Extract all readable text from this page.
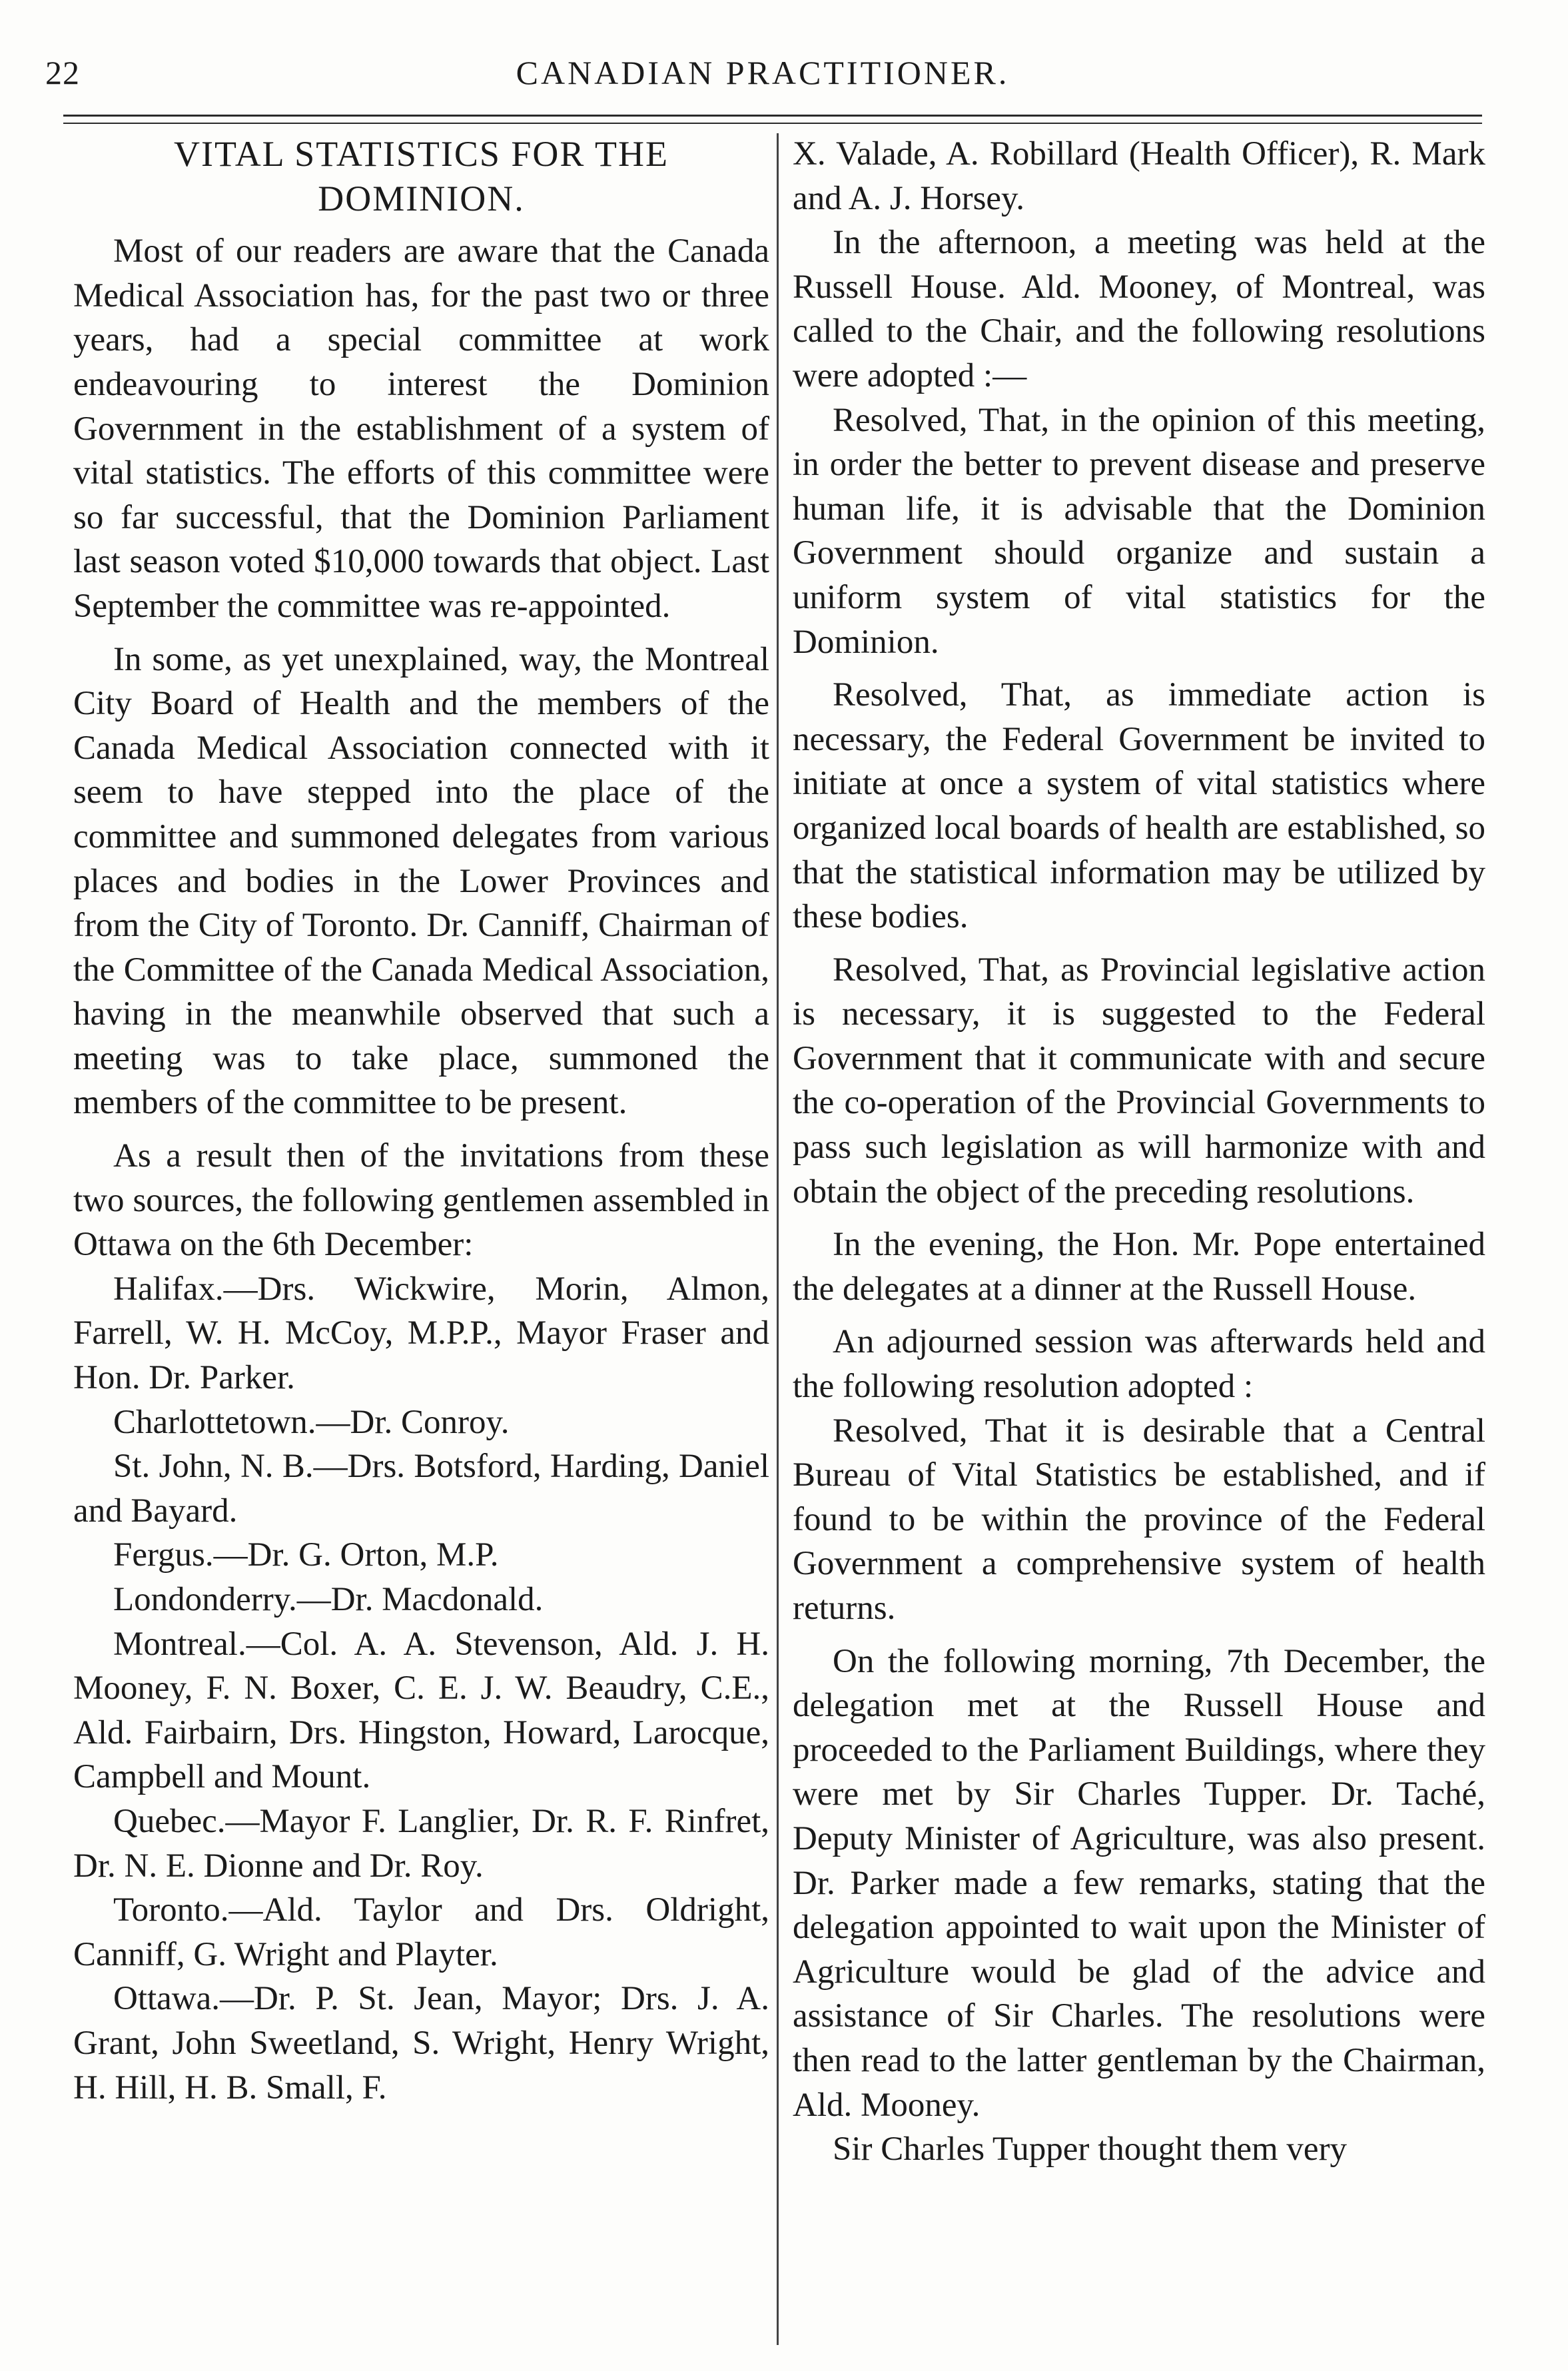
22	CANADIAN PRACTITIONER.
VITAL STATISTICS FOR THE DOMINION.

Most of our readers are aware that the Canada Medical Association has, for the past two or three years, had a special committee at work endeavouring to interest the Dominion Government in the establishment of a system of vital statistics. The efforts of this committee were so far successful, that the Dominion Parliament last season voted $10,000 towards that object. Last September the committee was re-appointed.

In some, as yet unexplained, way, the Montreal City Board of Health and the members of the Canada Medical Association connected with it seem to have stepped into the place of the committee and summoned delegates from various places and bodies in the Lower Provinces and from the City of Toronto. Dr. Canniff, Chairman of the Committee of the Canada Medical Association, having in the meanwhile observed that such a meeting was to take place, summoned the members of the committee to be present.

As a result then of the invitations from these two sources, the following gentlemen assembled in Ottawa on the 6th December:

Halifax.—Drs. Wickwire, Morin, Almon, Farrell, W. H. McCoy, M.P.P., Mayor Fraser and Hon. Dr. Parker.

Charlottetown.—Dr. Conroy.

St. John, N. B.—Drs. Botsford, Harding, Daniel and Bayard.

Fergus.—Dr. G. Orton, M.P.

Londonderry.—Dr. Macdonald.

Montreal.—Col. A. A. Stevenson, Ald. J. H. Mooney, F. N. Boxer, C. E. J. W. Beaudry, C.E., Ald. Fairbairn, Drs. Hingston, Howard, Larocque, Campbell and Mount.

Quebec.—Mayor F. Langlier, Dr. R. F. Rinfret, Dr. N. E. Dionne and Dr. Roy.

Toronto.—Ald. Taylor and Drs. Oldright, Canniff, G. Wright and Playter.

Ottawa.—Dr. P. St. Jean, Mayor; Drs. J. A. Grant, John Sweetland, S. Wright, Henry Wright, H. Hill, H. B. Small, F.

X. Valade, A. Robillard (Health Officer), R. Mark and A. J. Horsey.

In the afternoon, a meeting was held at the Russell House. Ald. Mooney, of Montreal, was called to the Chair, and the following resolutions were adopted :—

Resolved, That, in the opinion of this meeting, in order the better to prevent disease and preserve human life, it is advisable that the Dominion Government should organize and sustain a uniform system of vital statistics for the Dominion.

Resolved, That, as immediate action is necessary, the Federal Government be invited to initiate at once a system of vital statistics where organized local boards of health are established, so that the statistical information may be utilized by these bodies.

Resolved, That, as Provincial legislative action is necessary, it is suggested to the Federal Government that it communicate with and secure the co-operation of the Provincial Governments to pass such legislation as will harmonize with and obtain the object of the preceding resolutions.

In the evening, the Hon. Mr. Pope entertained the delegates at a dinner at the Russell House.

An adjourned session was afterwards held and the following resolution adopted :

Resolved, That it is desirable that a Central Bureau of Vital Statistics be established, and if found to be within the province of the Federal Government a comprehensive system of health returns.

On the following morning, 7th December, the delegation met at the Russell House and proceeded to the Parliament Buildings, where they were met by Sir Charles Tupper. Dr. Taché, Deputy Minister of Agriculture, was also present. Dr. Parker made a few remarks, stating that the delegation appointed to wait upon the Minister of Agriculture would be glad of the advice and assistance of Sir Charles. The resolutions were then read to the latter gentleman by the Chairman, Ald. Mooney.

Sir Charles Tupper thought them very
